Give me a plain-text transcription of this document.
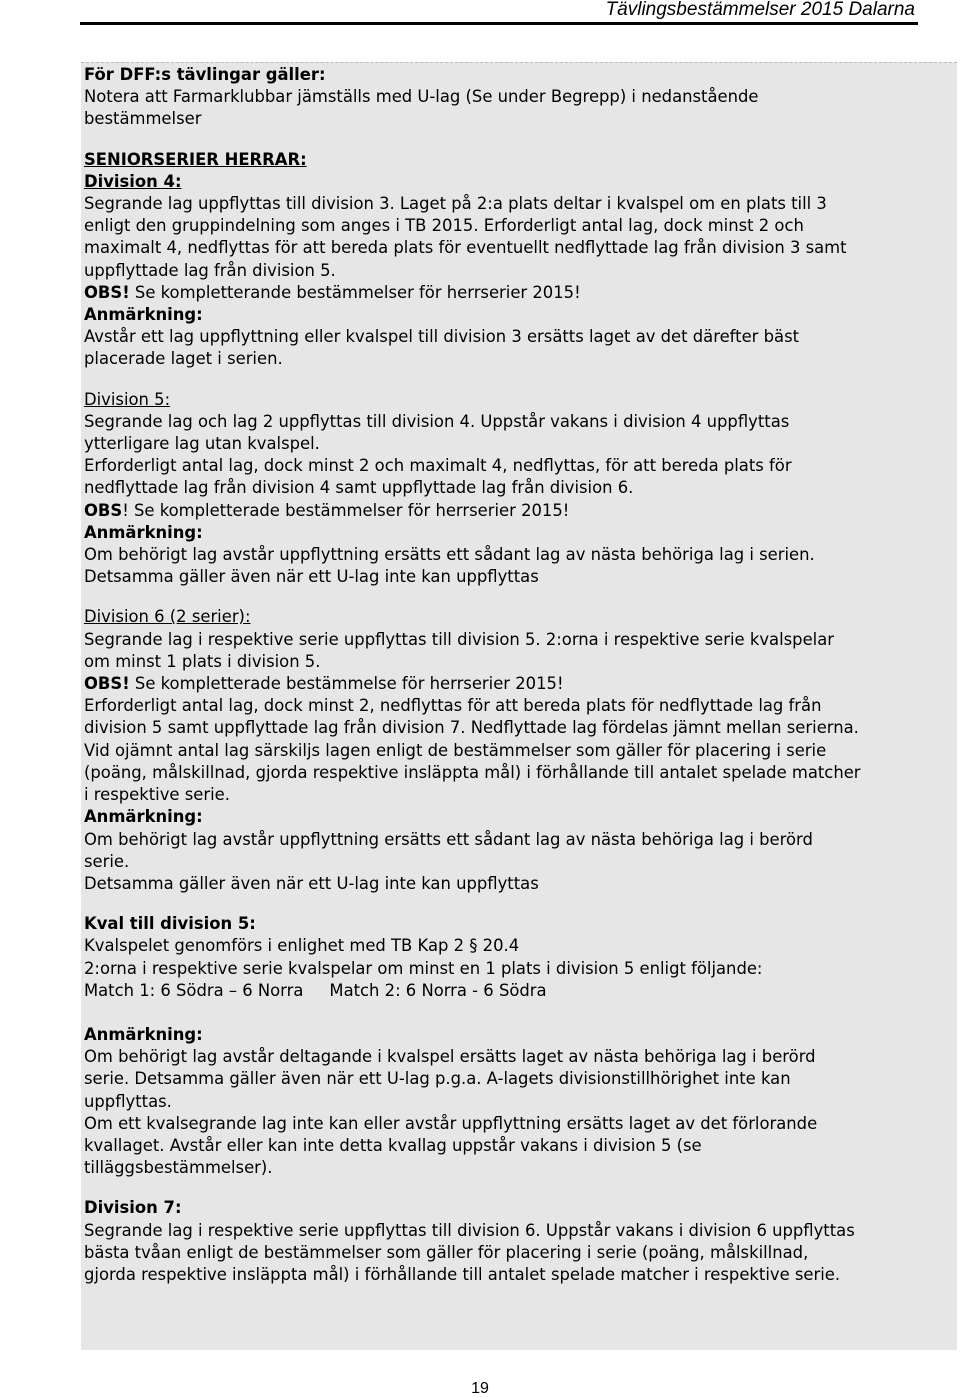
Tävlingsbestämmelser 2015 Dalarna

För DFF:s tävlingar gäller:

Notera att Farmarklubbar jämställs med U-lag (Se under Begrepp) i nedanstående

bestämmelser

SENIORSERIER HERRAR:

Division 4:

Segrande lag uppflyttas till division 3. Laget på 2:a plats deltar i kvalspel om en plats till 3

enligt den gruppindelning som anges i TB 2015. Erforderligt antal lag, dock minst 2 och

maximalt 4, nedflyttas för att bereda plats för eventuellt nedflyttade lag från division 3 samt

uppflyttade lag från division 5.

OBS! Se kompletterande bestämmelser för herrserier 2015!

Anmärkning:

Avstår ett lag uppflyttning eller kvalspel till division 3 ersätts laget av det därefter bäst

placerade laget i serien.

Division 5:

Segrande lag och lag 2 uppflyttas till division 4. Uppstår vakans i division 4 uppflyttas

ytterligare lag utan kvalspel.

Erforderligt antal lag, dock minst 2 och maximalt 4, nedflyttas, för att bereda plats för

nedflyttade lag från division 4 samt uppflyttade lag från division 6.

OBS! Se kompletterade bestämmelser för herrserier 2015!

Anmärkning:

Om behörigt lag avstår uppflyttning ersätts ett sådant lag av nästa behöriga lag i serien.

Detsamma gäller även när ett U-lag inte kan uppflyttas

Division 6 (2 serier):

Segrande lag i respektive serie uppflyttas till division 5. 2:orna i respektive serie kvalspelar

om minst 1 plats i division 5.

OBS! Se kompletterade bestämmelse för herrserier 2015!

Erforderligt antal lag, dock minst 2, nedflyttas för att bereda plats för nedflyttade lag från

division 5 samt uppflyttade lag från division 7. Nedflyttade lag fördelas jämnt mellan serierna.

Vid ojämnt antal lag särskiljs lagen enligt de bestämmelser som gäller för placering i serie

(poäng, målskillnad, gjorda respektive insläppta mål) i förhållande till antalet spelade matcher

i respektive serie.

Anmärkning:

Om behörigt lag avstår uppflyttning ersätts ett sådant lag av nästa behöriga lag i berörd

serie.

Detsamma gäller även när ett U-lag inte kan uppflyttas

Kval till division 5:

Kvalspelet genomförs i enlighet med TB Kap 2 § 20.4

2:orna i respektive serie kvalspelar om minst en 1 plats i division 5 enligt följande:

Match 1: 6 Södra – 6 Norra Match 2: 6 Norra - 6 Södra

Anmärkning:

Om behörigt lag avstår deltagande i kvalspel ersätts laget av nästa behöriga lag i berörd

serie. Detsamma gäller även när ett U-lag p.g.a. A-lagets divisionstillhörighet inte kan

uppflyttas.

Om ett kvalsegrande lag inte kan eller avstår uppflyttning ersätts laget av det förlorande

kvallaget. Avstår eller kan inte detta kvallag uppstår vakans i division 5 (se

tilläggsbestämmelser).

Division 7:

Segrande lag i respektive serie uppflyttas till division 6. Uppstår vakans i division 6 uppflyttas

bästa tvåan enligt de bestämmelser som gäller för placering i serie (poäng, målskillnad,

gjorda respektive insläppta mål) i förhållande till antalet spelade matcher i respektive serie.

19
